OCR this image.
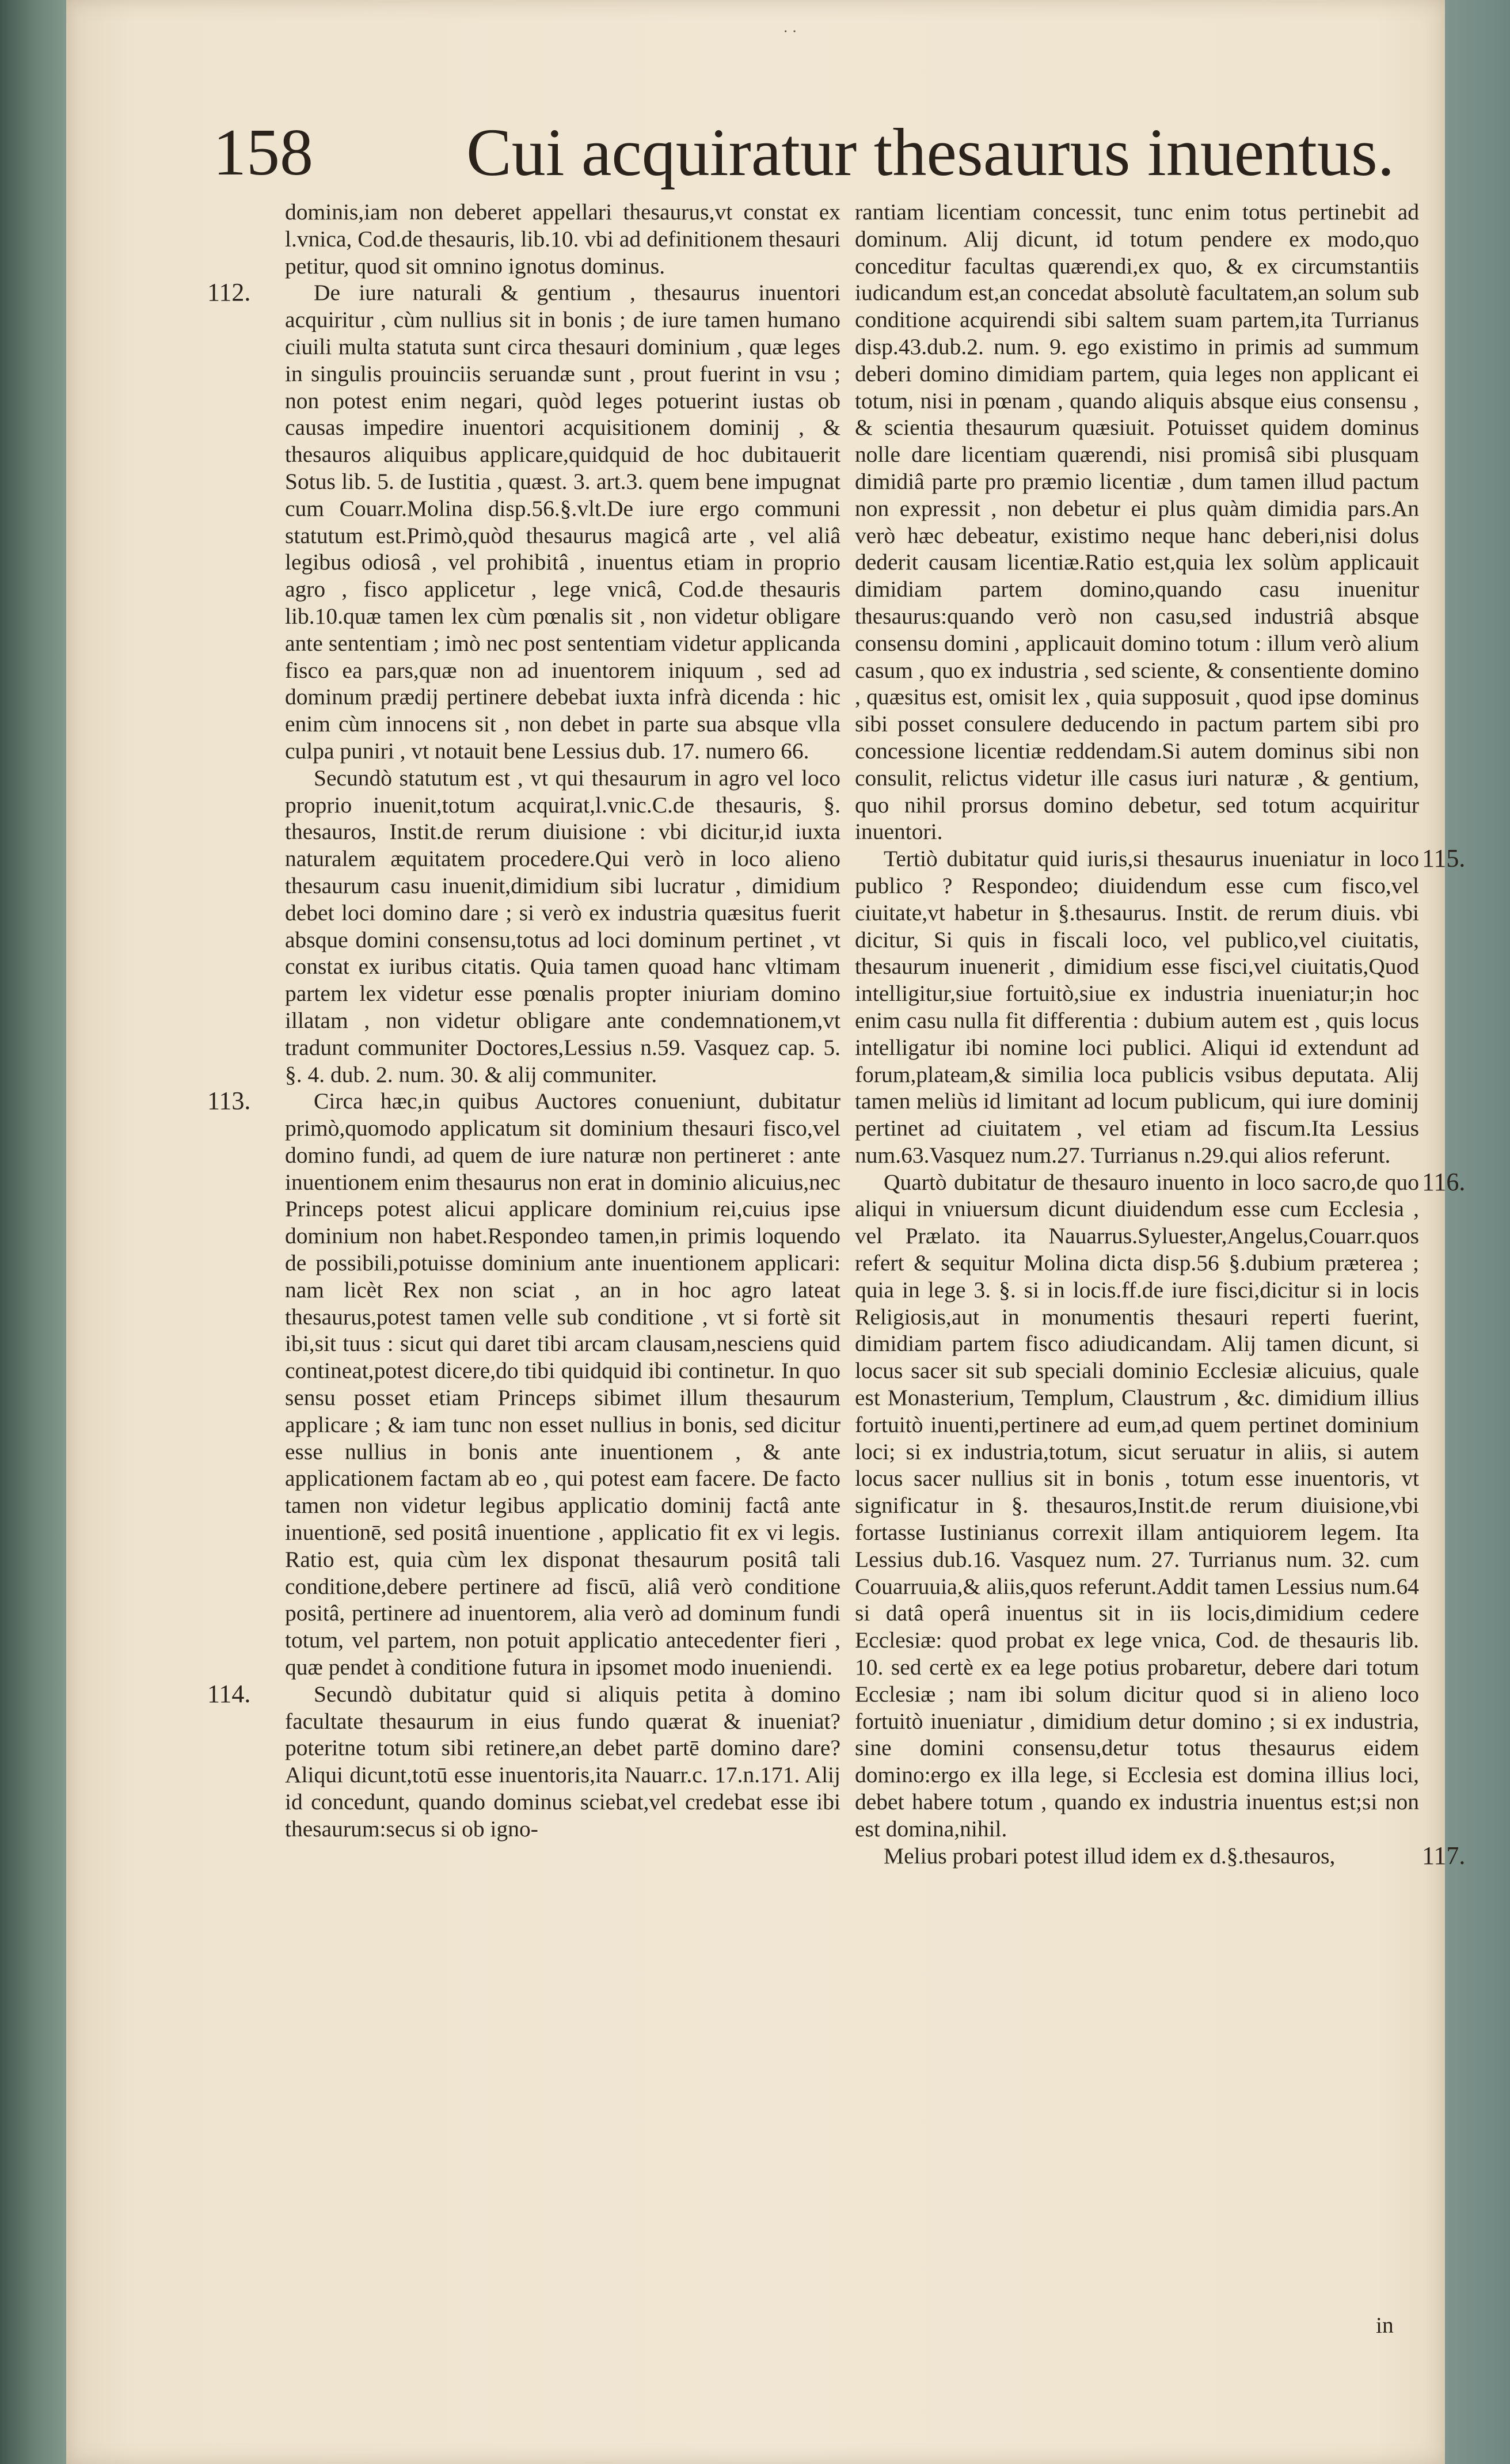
··
158 Cui acquiratur thesaurus inuentus.

dominis,iam non deberet appellari thesaurus,vt constat ex l.vnica, Cod.de thesauris, lib.10. vbi ad definitionem thesauri petitur, quod sit omnino ignotus dominus.

112.	De iure naturali & gentium , thesaurus inuentori acquiritur , cùm nullius sit in bonis ; de iure tamen humano ciuili multa statuta sunt circa thesauri dominium , quæ leges in singulis prouinciis seruandæ sunt , prout fuerint in vsu ; non potest enim negari, quòd leges potuerint iustas ob causas impedire inuentori acquisitionem dominij , & thesauros aliquibus applicare,quidquid de hoc dubitauerit Sotus lib. 5. de Iustitia , quæst. 3. art.3. quem bene impugnat cum Couarr.Molina disp.56.§.vlt.De iure ergo communi statutum est.Primò,quòd thesaurus magicâ arte , vel aliâ legibus odiosâ , vel prohibitâ , inuentus etiam in proprio agro , fisco applicetur , lege vnicâ, Cod.de thesauris lib.10.quæ tamen lex cùm pœnalis sit , non videtur obligare ante sententiam ; imò nec post sententiam videtur applicanda fisco ea pars,quæ non ad inuentorem iniquum , sed ad dominum prædij pertinere debebat iuxta infrà dicenda : hic enim cùm innocens sit , non debet in parte sua absque vlla culpa puniri , vt notauit bene Lessius dub. 17. numero 66.

Secundò statutum est , vt qui thesaurum in agro vel loco proprio inuenit,totum acquirat,l.vnic.C.de thesauris, §. thesauros, Instit.de rerum diuisione : vbi dicitur,id iuxta naturalem æquitatem procedere.Qui verò in loco alieno thesaurum casu inuenit,dimidium sibi lucratur , dimidium debet loci domino dare ; si verò ex industria quæsitus fuerit absque domini consensu,totus ad loci dominum pertinet , vt constat ex iuribus citatis. Quia tamen quoad hanc vltimam partem lex videtur esse pœnalis propter iniuriam domino illatam , non videtur obligare ante condemnationem,vt tradunt communiter Doctores,Lessius n.59. Vasquez cap. 5. §. 4. dub. 2. num. 30. & alij communiter.

113.	Circa hæc,in quibus Auctores conueniunt, dubitatur primò,quomodo applicatum sit dominium thesauri fisco,vel domino fundi, ad quem de iure naturæ non pertineret : ante inuentionem enim thesaurus non erat in dominio alicuius,nec Princeps potest alicui applicare dominium rei,cuius ipse dominium non habet.Respondeo tamen,in primis loquendo de possibili,potuisse dominium ante inuentionem applicari: nam licèt Rex non sciat , an in hoc agro lateat thesaurus,potest tamen velle sub conditione , vt si fortè sit ibi,sit tuus : sicut qui daret tibi arcam clausam,nesciens quid contineat,potest dicere,do tibi quidquid ibi continetur. In quo sensu posset etiam Princeps sibimet illum thesaurum applicare ; & iam tunc non esset nullius in bonis, sed dicitur esse nullius in bonis ante inuentionem , & ante applicationem factam ab eo , qui potest eam facere. De facto tamen non videtur legibus applicatio dominij factâ ante inuentionē, sed positâ inuentione , applicatio fit ex vi legis. Ratio est, quia cùm lex disponat thesaurum positâ tali conditione,debere pertinere ad fiscū, aliâ verò conditione positâ, pertinere ad inuentorem, alia verò ad dominum fundi totum, vel partem, non potuit applicatio antecedenter fieri , quæ pendet à conditione futura in ipsomet modo inueniendi.

114.	Secundò dubitatur quid si aliquis petita à domino facultate thesaurum in eius fundo quærat & inueniat? poteritne totum sibi retinere,an debet partē domino dare? Aliqui dicunt,totū esse inuentoris,ita Nauarr.c. 17.n.171. Alij id concedunt, quando dominus sciebat,vel credebat esse ibi thesaurum:secus si ob igno-

rantiam licentiam concessit, tunc enim totus pertinebit ad dominum. Alij dicunt, id totum pendere ex modo,quo conceditur facultas quærendi,ex quo, & ex circumstantiis iudicandum est,an concedat absolutè facultatem,an solum sub conditione acquirendi sibi saltem suam partem,ita Turrianus disp.43.dub.2. num. 9. ego existimo in primis ad summum deberi domino dimidiam partem, quia leges non applicant ei totum, nisi in pœnam , quando aliquis absque eius consensu , & scientia thesaurum quæsiuit. Potuisset quidem dominus nolle dare licentiam quærendi, nisi promisâ sibi plusquam dimidiâ parte pro præmio licentiæ , dum tamen illud pactum non expressit , non debetur ei plus quàm dimidia pars.An verò hæc debeatur, existimo neque hanc deberi,nisi dolus dederit causam licentiæ.Ratio est,quia lex solùm applicauit dimidiam partem domino,quando casu inuenitur thesaurus:quando verò non casu,sed industriâ absque consensu domini , applicauit domino totum : illum verò alium casum , quo ex industria , sed sciente, & consentiente domino , quæsitus est, omisit lex , quia supposuit , quod ipse dominus sibi posset consulere deducendo in pactum partem sibi pro concessione licentiæ reddendam.Si autem dominus sibi non consulit, relictus videtur ille casus iuri naturæ , & gentium, quo nihil prorsus domino debetur, sed totum acquiritur inuentori.

115.
Tertiò dubitatur quid iuris,si thesaurus inueniatur in loco publico ? Respondeo; diuidendum esse cum fisco,vel ciuitate,vt habetur in §.thesaurus. Instit. de rerum diuis. vbi dicitur, Si quis in fiscali loco, vel publico,vel ciuitatis, thesaurum inuenerit , dimidium esse fisci,vel ciuitatis,Quod intelligitur,siue fortuitò,siue ex industria inueniatur;in hoc enim casu nulla fit differentia : dubium autem est , quis locus intelligatur ibi nomine loci publici. Aliqui id extendunt ad forum,plateam,& similia loca publicis vsibus deputata. Alij tamen meliùs id limitant ad locum publicum, qui iure dominij pertinet ad ciuitatem , vel etiam ad fiscum.Ita Lessius num.63.Vasquez num.27. Turrianus n.29.qui alios referunt.

116.
Quartò dubitatur de thesauro inuento in loco sacro,de quo aliqui in vniuersum dicunt diuidendum esse cum Ecclesia , vel Prælato. ita Nauarrus.Syluester,Angelus,Couarr.quos refert & sequitur Molina dicta disp.56 §.dubium præterea ; quia in lege 3. §. si in locis.ff.de iure fisci,dicitur si in locis Religiosis,aut in monumentis thesauri reperti fuerint, dimidiam partem fisco adiudicandam. Alij tamen dicunt, si locus sacer sit sub speciali dominio Ecclesiæ alicuius, quale est Monasterium, Templum, Claustrum , &c. dimidium illius fortuitò inuenti,pertinere ad eum,ad quem pertinet dominium loci; si ex industria,totum, sicut seruatur in aliis, si autem locus sacer nullius sit in bonis , totum esse inuentoris, vt significatur in §. thesauros,Instit.de rerum diuisione,vbi fortasse Iustinianus correxit illam antiquiorem legem. Ita Lessius dub.16. Vasquez num. 27. Turrianus num. 32. cum Couarruuia,& aliis,quos referunt.Addit tamen Lessius num.64 si datâ operâ inuentus sit in iis locis,dimidium cedere Ecclesiæ: quod probat ex lege vnica, Cod. de thesauris lib. 10. sed certè ex ea lege potius probaretur, debere dari totum Ecclesiæ ; nam ibi solum dicitur quod si in alieno loco fortuitò inueniatur , dimidium detur domino ; si ex industria, sine domini consensu,detur totus thesaurus eidem domino:ergo ex illa lege, si Ecclesia est domina illius loci, debet habere totum , quando ex industria inuentus est;si non est domina,nihil.

117.
Melius probari potest illud idem ex d.§.thesauros,

in
